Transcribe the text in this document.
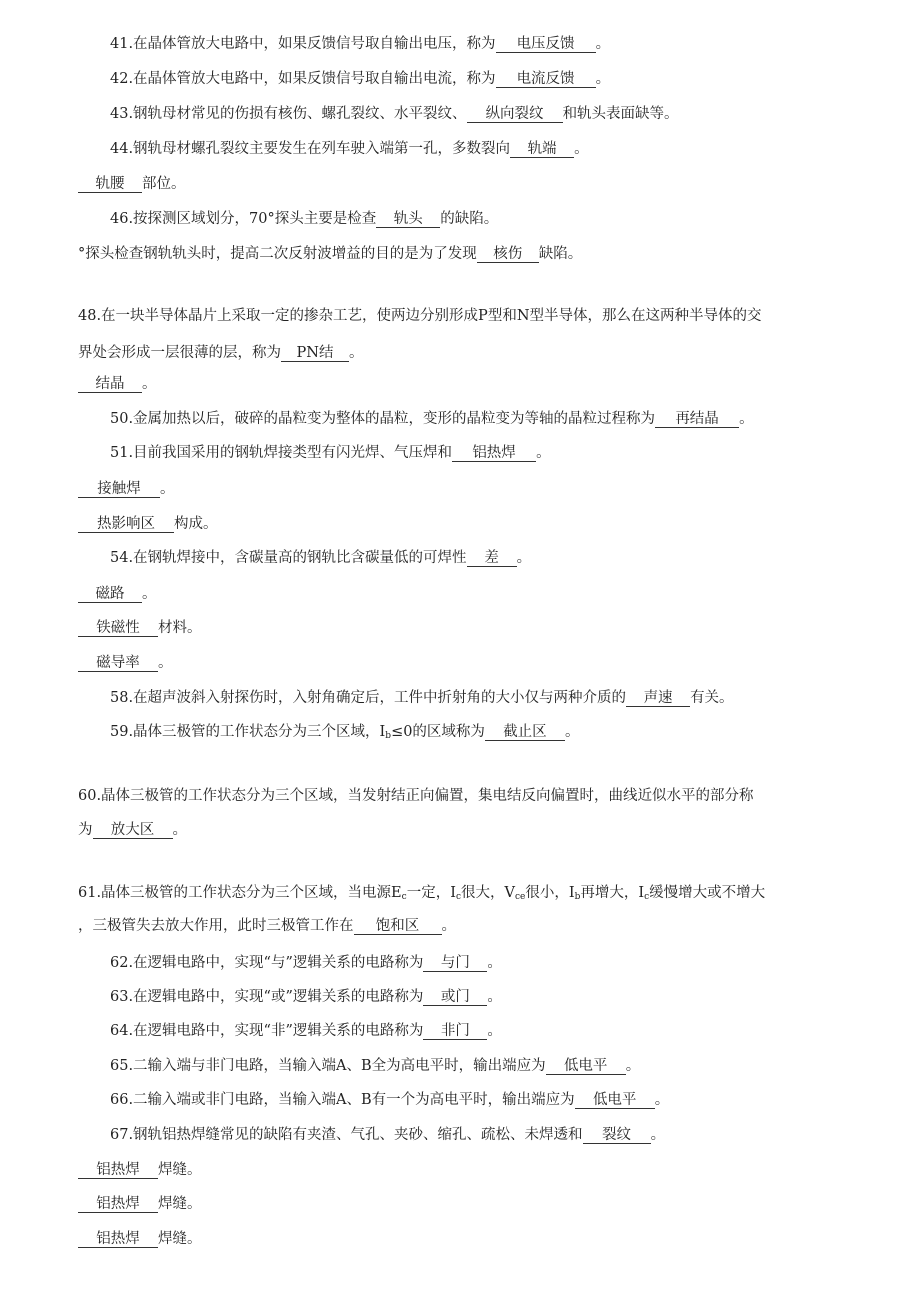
41.在晶体管放大电路中，如果反馈信号取自输出电压，称为 电压反馈 。
42.在晶体管放大电路中，如果反馈信号取自输出电流，称为 电流反馈 。
43.钢轨母材常见的伤损有核伤、螺孔裂纹、水平裂纹、 纵向裂纹 和轨头表面缺等。
44.钢轨母材螺孔裂纹主要发生在列车驶入端第一孔，多数裂向 轨端 。
轨腰 部位。
46.按探测区域划分，70°探头主要是检查 轨头 的缺陷。
°探头检查钢轨轨头时，提高二次反射波增益的目的是为了发现 核伤 缺陷。
48.在一块半导体晶片上采取一定的掺杂工艺，使两边分别形成P型和N型半导体，那么在这两种半导体的交
界处会形成一层很薄的层，称为 PN结 。
结晶 。
50.金属加热以后，破碎的晶粒变为整体的晶粒，变形的晶粒变为等轴的晶粒过程称为 再结晶 。
51.目前我国采用的钢轨焊接类型有闪光焊、气压焊和 铝热焊 。
接触焊 。
热影响区 构成。
54.在钢轨焊接中，含碳量高的钢轨比含碳量低的可焊性 差 。
磁路 。
铁磁性 材料。
磁导率 。
58.在超声波斜入射探伤时，入射角确定后，工件中折射角的大小仅与两种介质的 声速 有关。
59.晶体三极管的工作状态分为三个区域，$I_b\le 0$的区域称为 截止区 。
60.晶体三极管的工作状态分为三个区域，当发射结正向偏置，集电结反向偏置时，曲线近似水平的部分称
为 放大区 。
61.晶体三极管的工作状态分为三个区域，当电源$E_c$一定，$I_c$很大，$V_{ce}$很小，$I_b$再增大，$I_c$缓慢增大或不增大
，三极管失去放大作用，此时三极管工作在 饱和区 。
62.在逻辑电路中，实现“与”逻辑关系的电路称为 与门 。
63.在逻辑电路中，实现“或”逻辑关系的电路称为 或门 。
64.在逻辑电路中，实现“非”逻辑关系的电路称为 非门 。
65.二输入端与非门电路，当输入端A、B全为高电平时，输出端应为 低电平 。
66.二输入端或非门电路，当输入端A、B有一个为高电平时，输出端应为 低电平 。
67.钢轨铝热焊缝常见的缺陷有夹渣、气孔、夹砂、缩孔、疏松、未焊透和 裂纹 。
铝热焊 焊缝。
铝热焊 焊缝。
铝热焊 焊缝。
